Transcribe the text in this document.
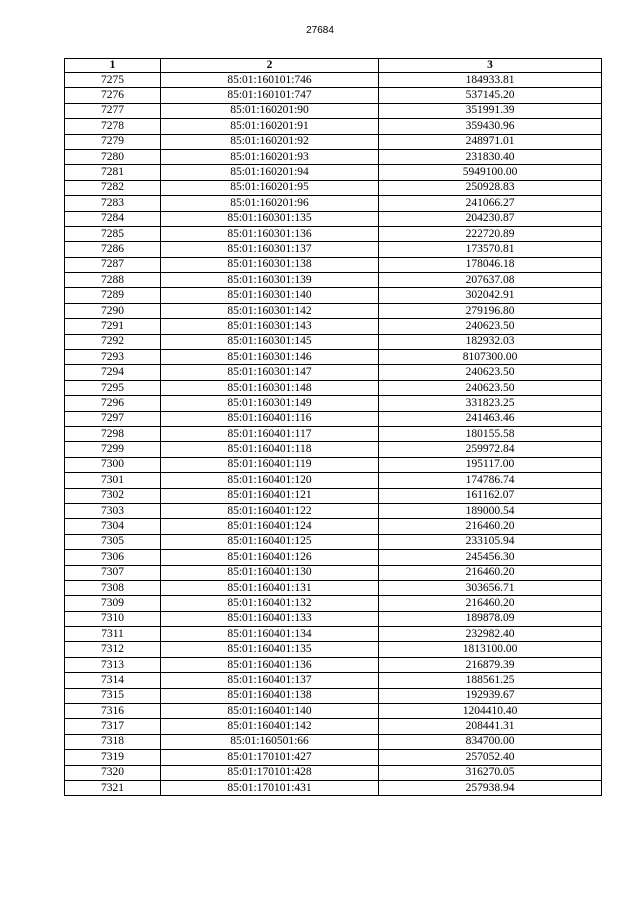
27684
1	2	3
7275	85:01:160101:746	184933.81
7276	85:01:160101:747	537145.20
7277	85:01:160201:90	351991.39
7278	85:01:160201:91	359430.96
7279	85:01:160201:92	248971.01
7280	85:01:160201:93	231830.40
7281	85:01:160201:94	5949100.00
7282	85:01:160201:95	250928.83
7283	85:01:160201:96	241066.27
7284	85:01:160301:135	204230.87
7285	85:01:160301:136	222720.89
7286	85:01:160301:137	173570.81
7287	85:01:160301:138	178046.18
7288	85:01:160301:139	207637.08
7289	85:01:160301:140	302042.91
7290	85:01:160301:142	279196.80
7291	85:01:160301:143	240623.50
7292	85:01:160301:145	182932.03
7293	85:01:160301:146	8107300.00
7294	85:01:160301:147	240623.50
7295	85:01:160301:148	240623.50
7296	85:01:160301:149	331823.25
7297	85:01:160401:116	241463.46
7298	85:01:160401:117	180155.58
7299	85:01:160401:118	259972.84
7300	85:01:160401:119	195117.00
7301	85:01:160401:120	174786.74
7302	85:01:160401:121	161162.07
7303	85:01:160401:122	189000.54
7304	85:01:160401:124	216460.20
7305	85:01:160401:125	233105.94
7306	85:01:160401:126	245456.30
7307	85:01:160401:130	216460.20
7308	85:01:160401:131	303656.71
7309	85:01:160401:132	216460.20
7310	85:01:160401:133	189878.09
7311	85:01:160401:134	232982.40
7312	85:01:160401:135	1813100.00
7313	85:01:160401:136	216879.39
7314	85:01:160401:137	188561.25
7315	85:01:160401:138	192939.67
7316	85:01:160401:140	1204410.40
7317	85:01:160401:142	208441.31
7318	85:01:160501:66	834700.00
7319	85:01:170101:427	257052.40
7320	85:01:170101:428	316270.05
7321	85:01:170101:431	257938.94
